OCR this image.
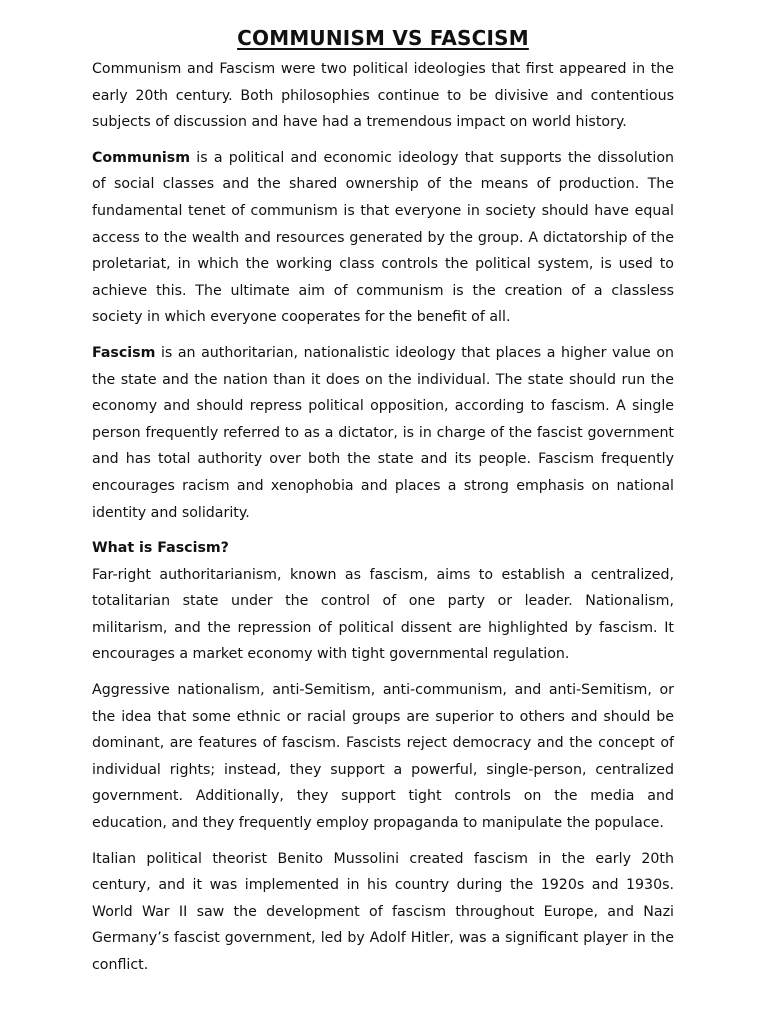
COMMUNISM VS FASCISM

Communism and Fascism were two political ideologies that first appeared in the early 20th century. Both philosophies continue to be divisive and contentious subjects of discussion and have had a tremendous impact on world history.

Communism is a political and economic ideology that supports the dissolution of social classes and the shared ownership of the means of production. The fundamental tenet of communism is that everyone in society should have equal access to the wealth and resources generated by the group. A dictatorship of the proletariat, in which the working class controls the political system, is used to achieve this. The ultimate aim of communism is the creation of a classless society in which everyone cooperates for the benefit of all.

Fascism is an authoritarian, nationalistic ideology that places a higher value on the state and the nation than it does on the individual. The state should run the economy and should repress political opposition, according to fascism. A single person frequently referred to as a dictator, is in charge of the fascist government and has total authority over both the state and its people. Fascism frequently encourages racism and xenophobia and places a strong emphasis on national identity and solidarity.

What is Fascism?

Far-right authoritarianism, known as fascism, aims to establish a centralized, totalitarian state under the control of one party or leader. Nationalism, militarism, and the repression of political dissent are highlighted by fascism. It encourages a market economy with tight governmental regulation.

Aggressive nationalism, anti-Semitism, anti-communism, and anti-Semitism, or the idea that some ethnic or racial groups are superior to others and should be dominant, are features of fascism. Fascists reject democracy and the concept of individual rights; instead, they support a powerful, single-person, centralized government. Additionally, they support tight controls on the media and education, and they frequently employ propaganda to manipulate the populace.

Italian political theorist Benito Mussolini created fascism in the early 20th century, and it was implemented in his country during the 1920s and 1930s. World War II saw the development of fascism throughout Europe, and Nazi Germany’s fascist government, led by Adolf Hitler, was a significant player in the conflict.
